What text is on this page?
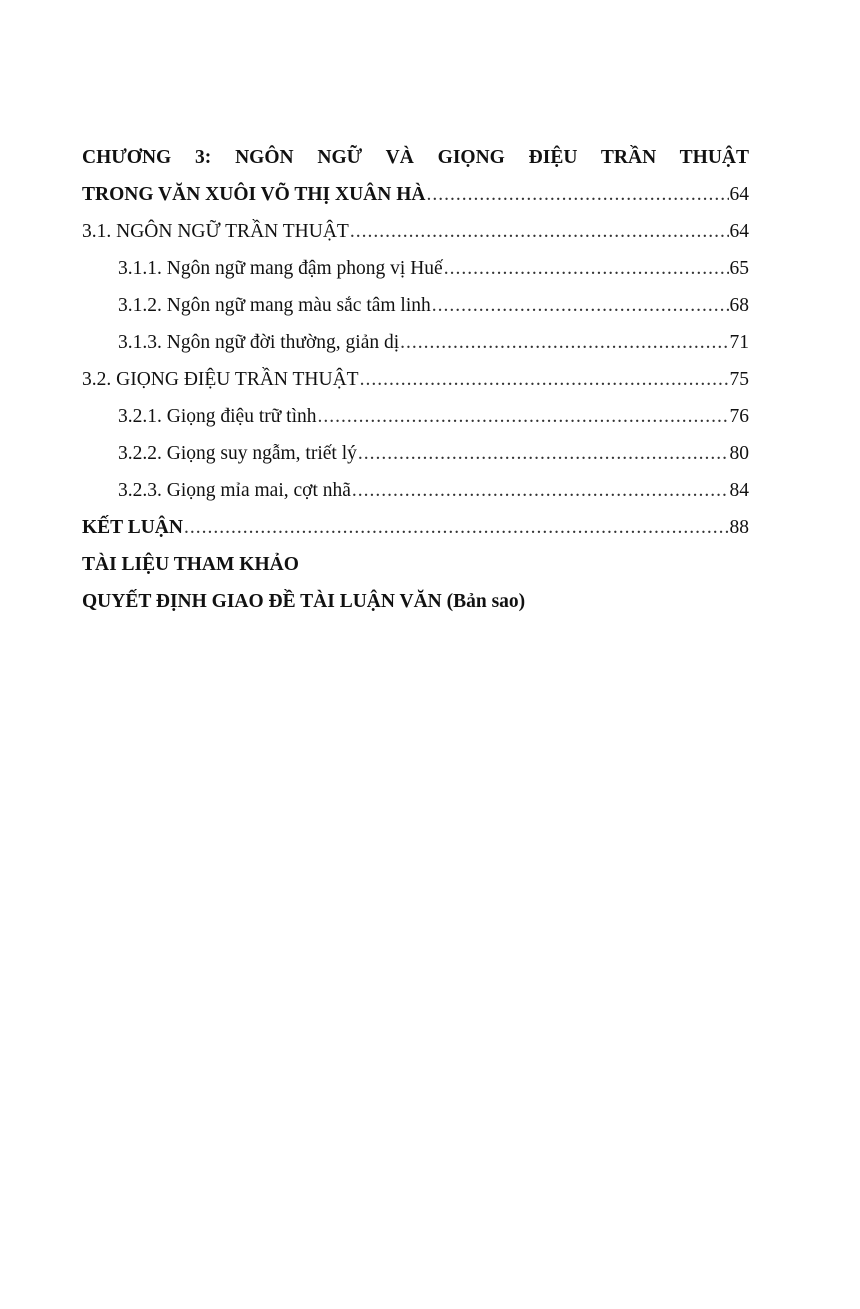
CHƯƠNG 3: NGÔN NGỮ VÀ GIỌNG ĐIỆU TRẦN THUẬT
TRONG VĂN XUÔI VÕ THỊ XUÂN HÀ .....	64
3.1. NGÔN NGỮ TRẦN THUẬT .....	64
3.1.1. Ngôn ngữ mang đậm phong vị Huế .....	65
3.1.2. Ngôn ngữ mang màu sắc tâm linh .....	68
3.1.3. Ngôn ngữ đời thường, giản dị .....	71
3.2. GIỌNG ĐIỆU TRẦN THUẬT .....	75
3.2.1. Giọng điệu trữ tình .....	76
3.2.2. Giọng suy ngẫm, triết lý .....	80
3.2.3. Giọng mỉa mai, cợt nhã .....	84
KẾT LUẬN .....	88
TÀI LIỆU THAM KHẢO
QUYẾT ĐỊNH GIAO ĐỀ TÀI LUẬN VĂN (Bản sao)
